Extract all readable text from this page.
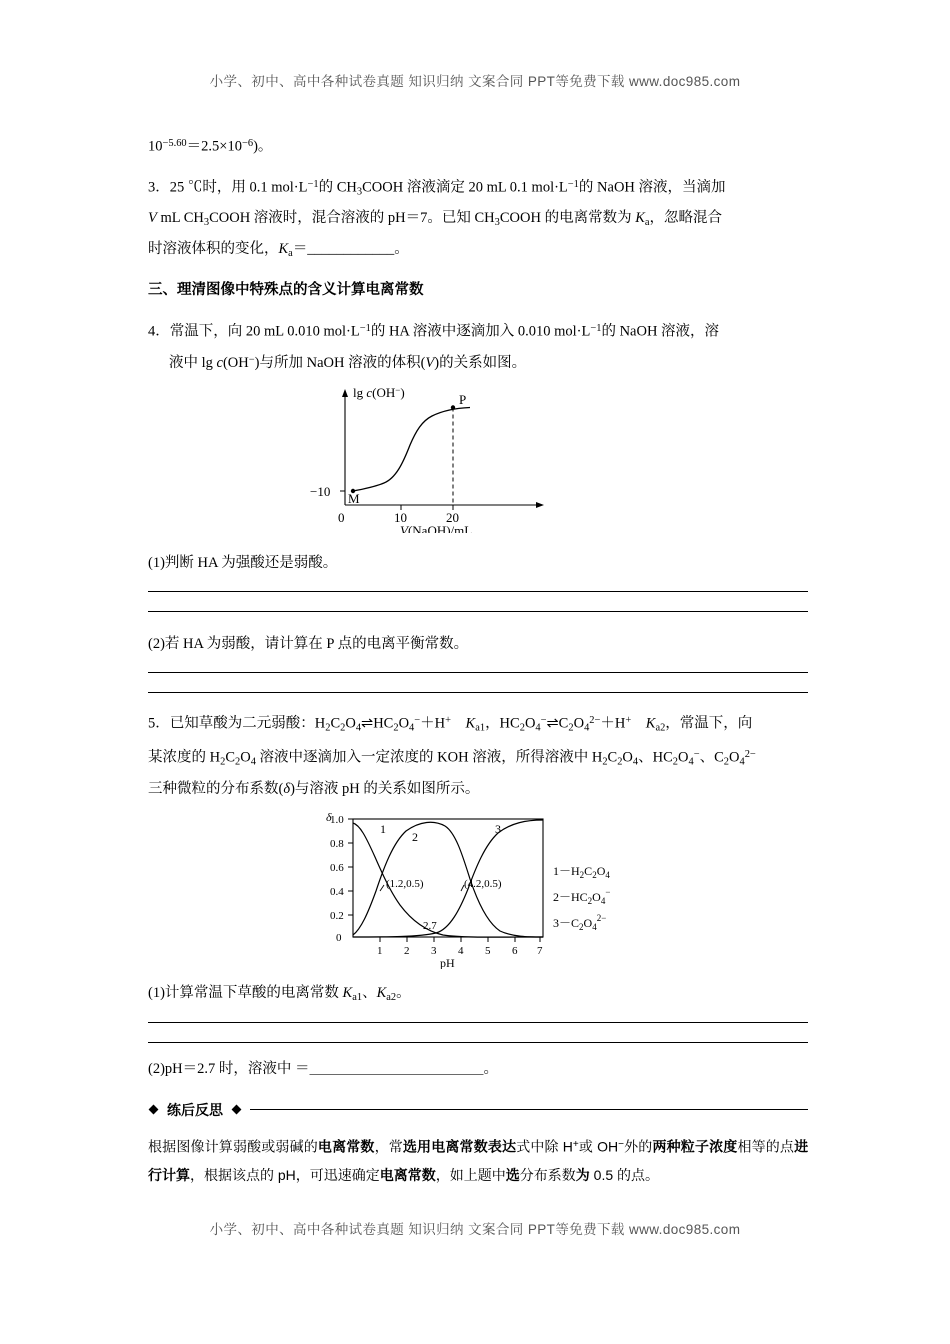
小学、初中、高中各种试卷真题 知识归纳 文案合同 PPT等免费下载 www.doc985.com
$10^{-5.60}=2.5\times 10^{-6}$)。
3．25 ℃时，用 0.1 $mol\cdot L^{-1}$的 $CH_3COOH$ 溶液滴定 20 mL 0.1 $mol\cdot L^{-1}$的 NaOH 溶液，当滴加
V mL $CH_3COOH$ 溶液时，混合溶液的 pH＝7。已知 $CH_3COOH$ 的电离常数为 $K_a$，忽略混合
时溶液体积的变化，$K_a=\_\_\_\_\_\_\_\_\_\_\_\_$。
三、理清图像中特殊点的含义计算电离常数
4．常温下，向 20 mL 0.010 $mol\cdot L^{-1}$的 HA 溶液中逐滴加入 0.010 $mol\cdot L^{-1}$的 NaOH 溶液，溶
液中 lg c(OH−)与所加 NaOH 溶液的体积(V)的关系如图。
P
M
lg c(OH−)
−10
0	10	20
V(NaOH)/mL
(1)判断 HA 为强酸还是弱酸。
(2)若 HA 为弱酸，请计算在 P 点的电离平衡常数。
5．已知草酸为二元弱酸：$H_2C_2O_4\rightleftharpoons HC_2O_4^-+H^+$　 $K_{a1}$，$HC_2O_4^-\rightleftharpoons C_2O_4^{2-}+H^+$　 $K_{a2}$，常温下，向
某浓度的 $H_2C_2O_4$ 溶液中逐滴加入一定浓度的 KOH 溶液，所得溶液中 $H_2C_2O_4$、$HC_2O_4^-$、$C_2O_4^{2-}$
三种微粒的分布系数(δ)与溶液 pH 的关系如图所示。
1.0
0.8
0.6
0.4
0.2
0
δ
1 2 3 4 5 6 7
pH
1
2
3
(1.2,0.5)	(4.2,0.5)
2.7
$1-H_2C_2O_4$
$2-HC_2O_4^-$
$3-C_2O_4^{2-}$
(1)计算常温下草酸的电离常数 $K_{a1}$、$K_{a2}$。
(2)pH＝2.7 时，溶液中 ＝＿＿＿＿＿＿＿＿＿＿＿＿。
练后反思
根据图像计算弱酸或弱碱的电离常数，常选用电离常数表达式中除 H+或 OH−外的两种粒子浓度相等的点进行计算，根据该点的 pH，可迅速确定电离常数，如上题中选分布系数为 0.5 的点。
小学、初中、高中各种试卷真题 知识归纳 文案合同 PPT等免费下载 www.doc985.com
